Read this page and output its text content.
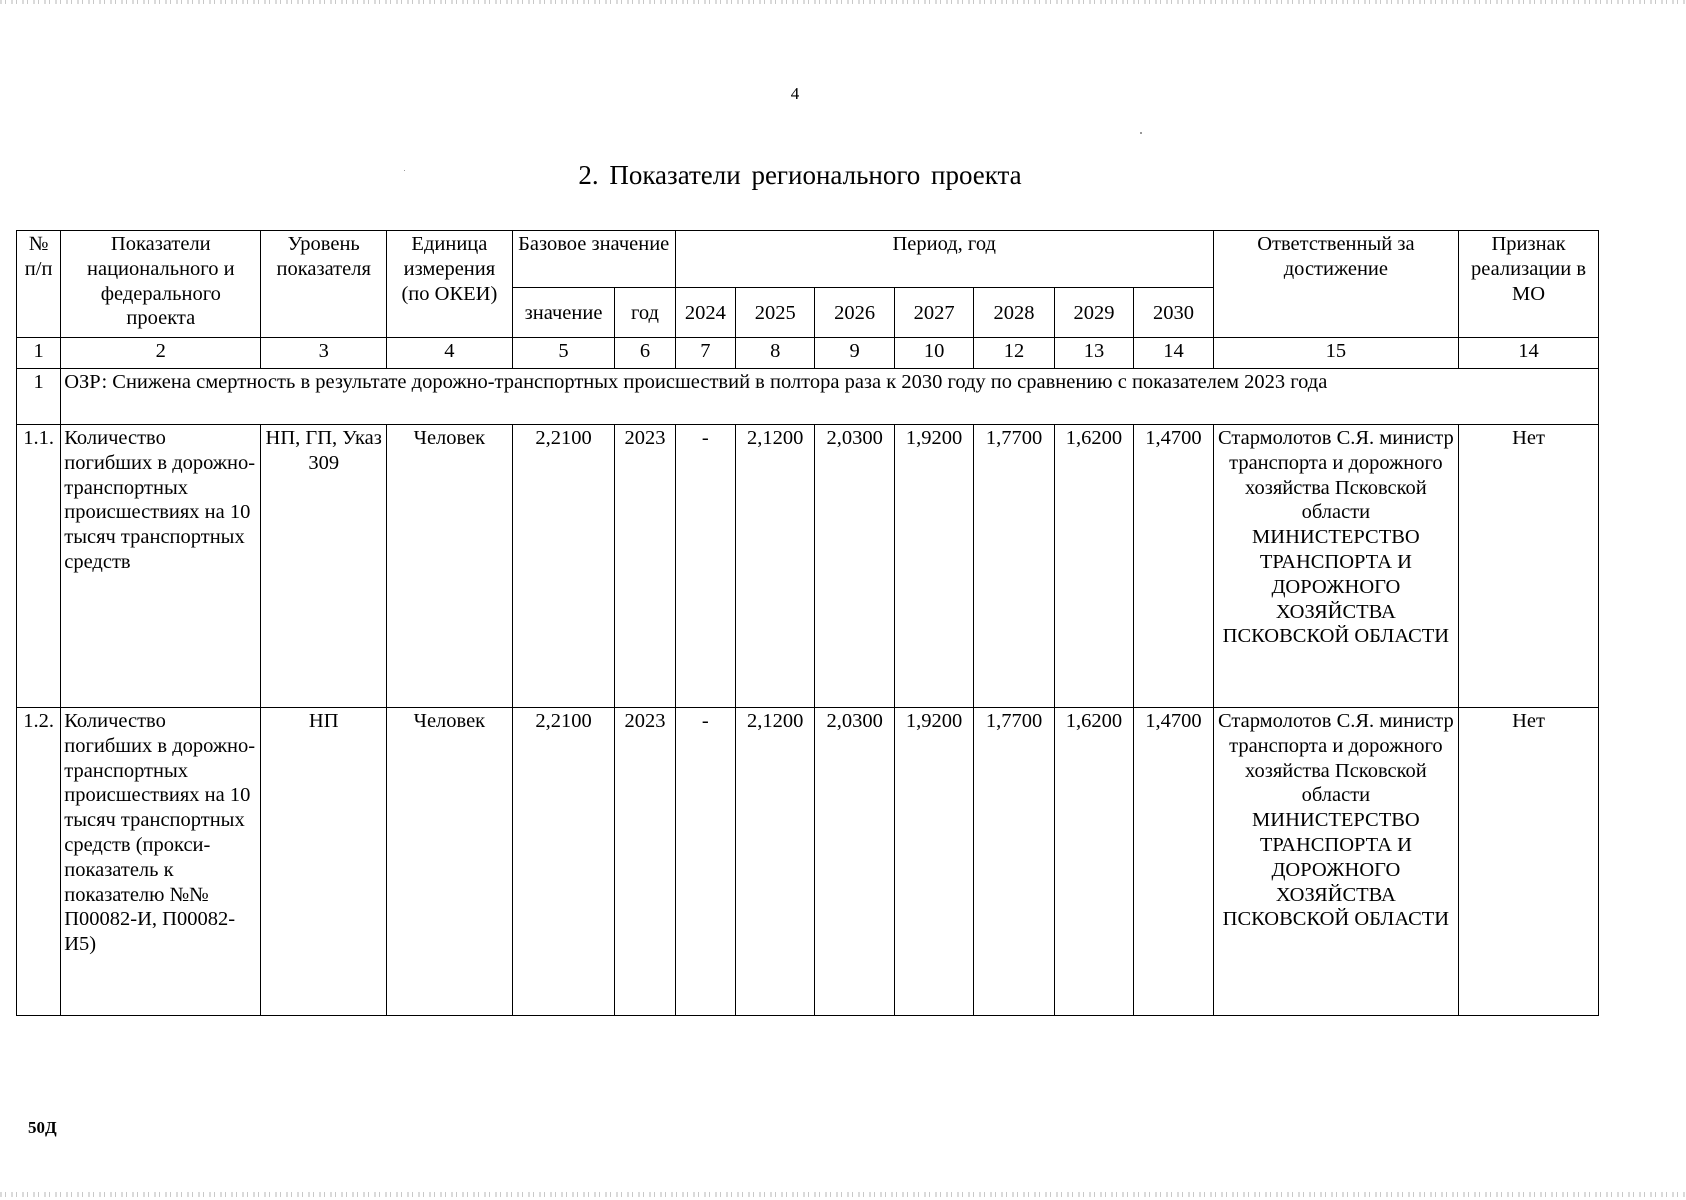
4
2. Показатели регионального проекта
№ п/п	Показатели национального и федерального проекта	Уровень показателя	Единица измерения (по ОКЕИ)	Базовое значение		Период, год							Ответственный за достижение	Признак реализации в МО
				значение	год	2024	2025	2026	2027	2028	2029	2030		
1	2	3	4	5	6	7	8	9	10	12	13	14	15	14
1	ОЗР: Снижена смертность в результате дорожно-транспортных происшествий в полтора раза к 2030 году по сравнению с показателем 2023 года													
1.1.	Количество погибших в дорожно-транспортных происшествиях на 10 тысяч транспортных средств	НП, ГП, Указ 309	Человек	2,2100	2023	-	2,1200	2,0300	1,9200	1,7700	1,6200	1,4700	Стармолотов С.Я. министр транспорта и дорожного хозяйства Псковской области МИНИСТЕРСТВО ТРАНСПОРТА И ДОРОЖНОГО ХОЗЯЙСТВА ПСКОВСКОЙ ОБЛАСТИ	Нет
1.2.	Количество погибших в дорожно-транспортных происшествиях на 10 тысяч транспортных средств (прокси-показатель к показателю №№ П00082-И, П00082- И5)	НП	Человек	2,2100	2023	-	2,1200	2,0300	1,9200	1,7700	1,6200	1,4700	Стармолотов С.Я. министр транспорта и дорожного хозяйства Псковской области МИНИСТЕРСТВО ТРАНСПОРТА И ДОРОЖНОГО ХОЗЯЙСТВА ПСКОВСКОЙ ОБЛАСТИ	Нет
50Д
